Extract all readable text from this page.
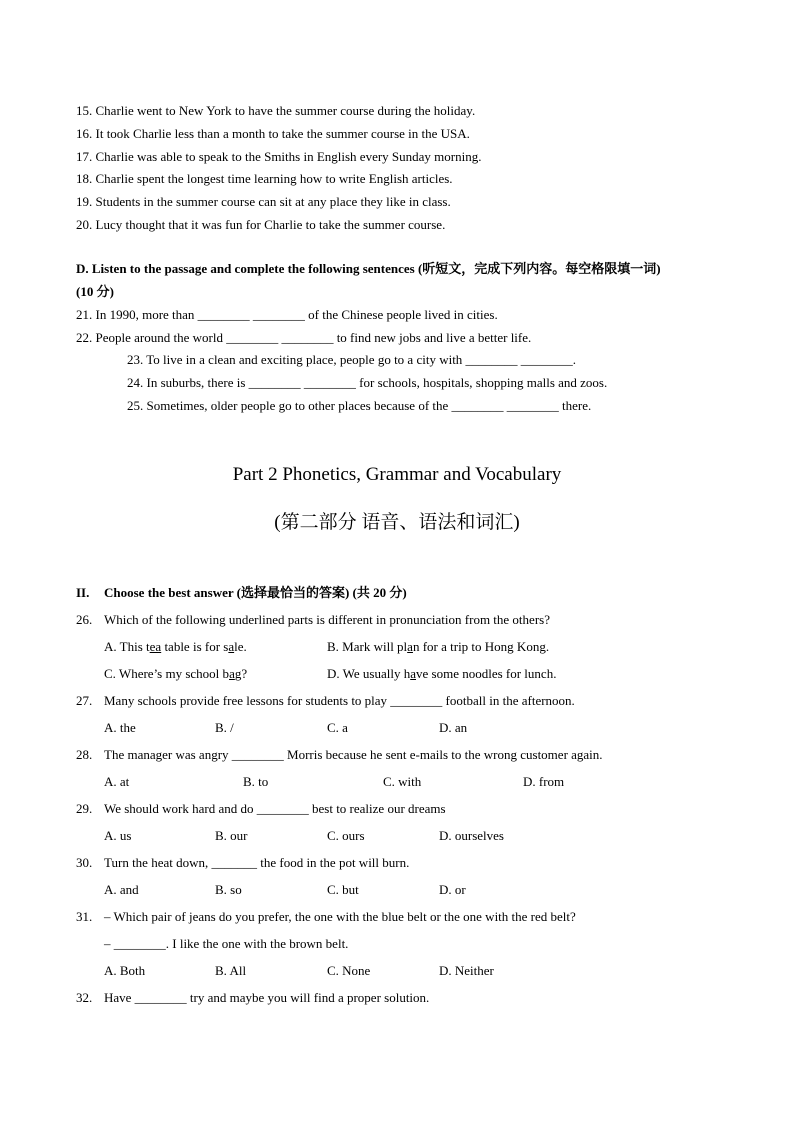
15. Charlie went to New York to have the summer course during the holiday.
16. It took Charlie less than a month to take the summer course in the USA.
17. Charlie was able to speak to the Smiths in English every Sunday morning.
18. Charlie spent the longest time learning how to write English articles.
19. Students in the summer course can sit at any place they like in class.
20. Lucy thought that it was fun for Charlie to take the summer course.
D. Listen to the passage and complete the following sentences (听短文，完成下列内容。每空格限填一词)
(10 分)
21. In 1990, more than ________ ________ of the Chinese people lived in cities.
22. People around the world ________ ________ to find new jobs and live a better life.
23. To live in a clean and exciting place, people go to a city with ________ ________.
24. In suburbs, there is ________ ________ for schools, hospitals, shopping malls and zoos.
25. Sometimes, older people go to other places because of the ________ ________ there.
Part 2 Phonetics, Grammar and Vocabulary
(第二部分 语音、语法和词汇)
II. Choose the best answer (选择最恰当的答案) (共 20 分)
26. Which of the following underlined parts is different in pronunciation from the others?
A. This tea table is for sale.	B. Mark will plan for a trip to Hong Kong.
C. Where’s my school bag?	D. We usually have some noodles for lunch.
27. Many schools provide free lessons for students to play ________ football in the afternoon.
A. the	B. /	C. a	D. an
28. The manager was angry ________ Morris because he sent e-mails to the wrong customer again.
A. at	B. to	C. with	D. from
29. We should work hard and do ________ best to realize our dreams
A. us	B. our	C. ours	D. ourselves
30. Turn the heat down, _______ the food in the pot will burn.
A. and	B. so	C. but	D. or
31. – Which pair of jeans do you prefer, the one with the blue belt or the one with the red belt?
– ________. I like the one with the brown belt.
A. Both	B. All	C. None	D. Neither
32. Have ________ try and maybe you will find a proper solution.
